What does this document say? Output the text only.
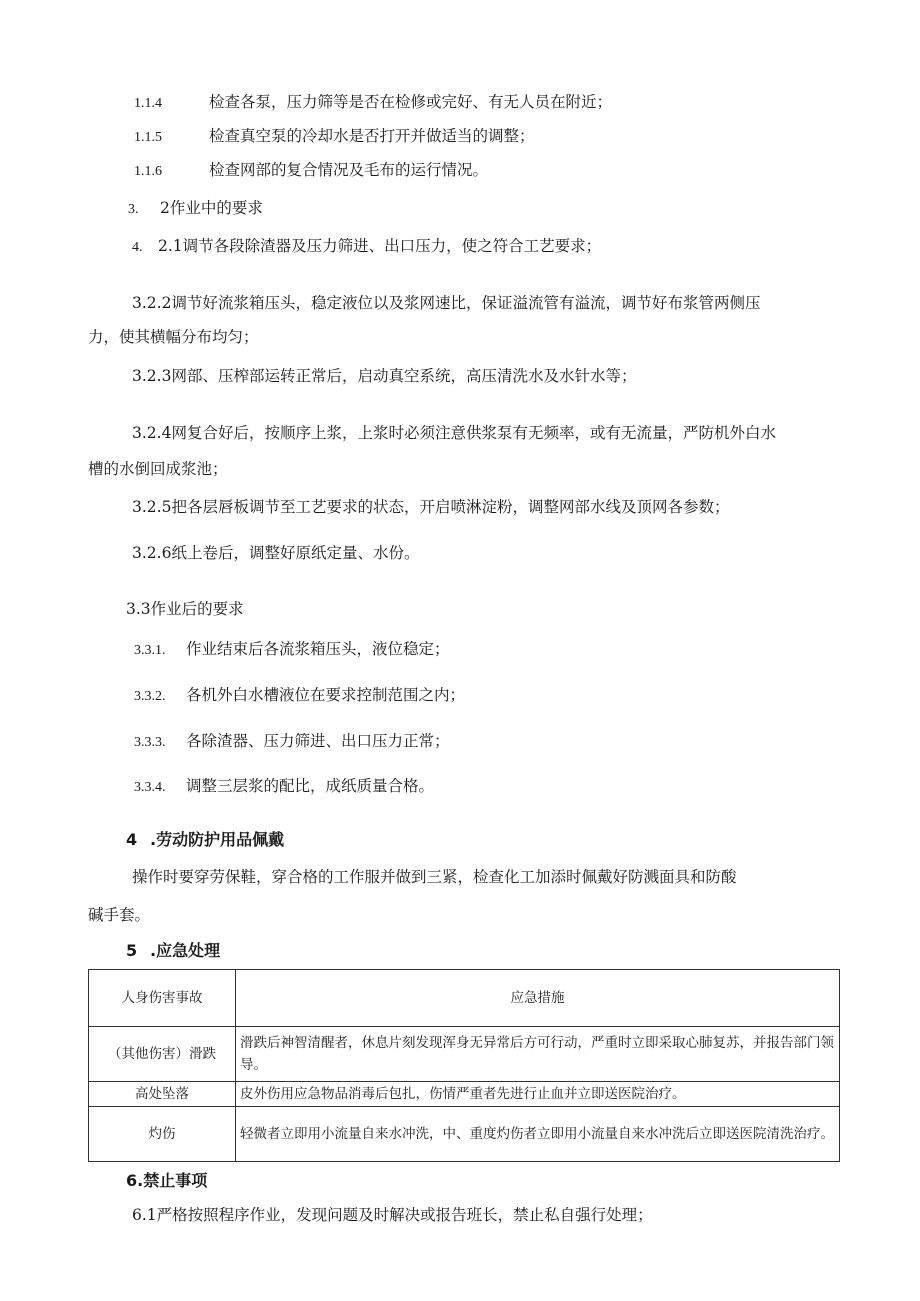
1.1.4	检查各泵，压力筛等是否在检修或完好、有无人员在附近；
1.1.5	检查真空泵的冷却水是否打开并做适当的调整；
1.1.6	检查网部的复合情况及毛布的运行情况。
3. 2作业中的要求
4. 2.1调节各段除渣器及压力筛进、出口压力，使之符合工艺要求；
3.2.2调节好流浆箱压头，稳定液位以及浆网速比，保证溢流管有溢流，调节好布浆管两侧压
力，使其横幅分布均匀；
3.2.3网部、压榨部运转正常后，启动真空系统，高压清洗水及水针水等；
3.2.4网复合好后，按顺序上浆，上浆时必须注意供浆泵有无频率，或有无流量，严防机外白水
槽的水倒回成浆池；
3.2.5把各层唇板调节至工艺要求的状态，开启喷淋淀粉，调整网部水线及顶网各参数；
3.2.6纸上卷后，调整好原纸定量、水份。
3.3作业后的要求
3.3.1. 作业结束后各流浆箱压头，液位稳定；
3.3.2. 各机外白水槽液位在要求控制范围之内；
3.3.3. 各除渣器、压力筛进、出口压力正常；
3.3.4. 调整三层浆的配比，成纸质量合格。
4 .劳动防护用品佩戴
操作时要穿劳保鞋，穿合格的工作服并做到三紧，检查化工加添时佩戴好防溅面具和防酸
碱手套。
5 .应急处理
人身伤害事故	应急措施
（其他伤害）滑跌	滑跌后神智清醒者，休息片刻发现浑身无异常后方可行动，严重时立即采取心肺复苏，并报告部门领导。
高处坠落	皮外伤用应急物品消毒后包扎，伤情严重者先进行止血并立即送医院治疗。
灼伤	轻微者立即用小流量自来水冲洗，中、重度灼伤者立即用小流量自来水冲洗后立即送医院清洗治疗。
6.禁止事项
6.1严格按照程序作业，发现问题及时解决或报告班长，禁止私自强行处理；
